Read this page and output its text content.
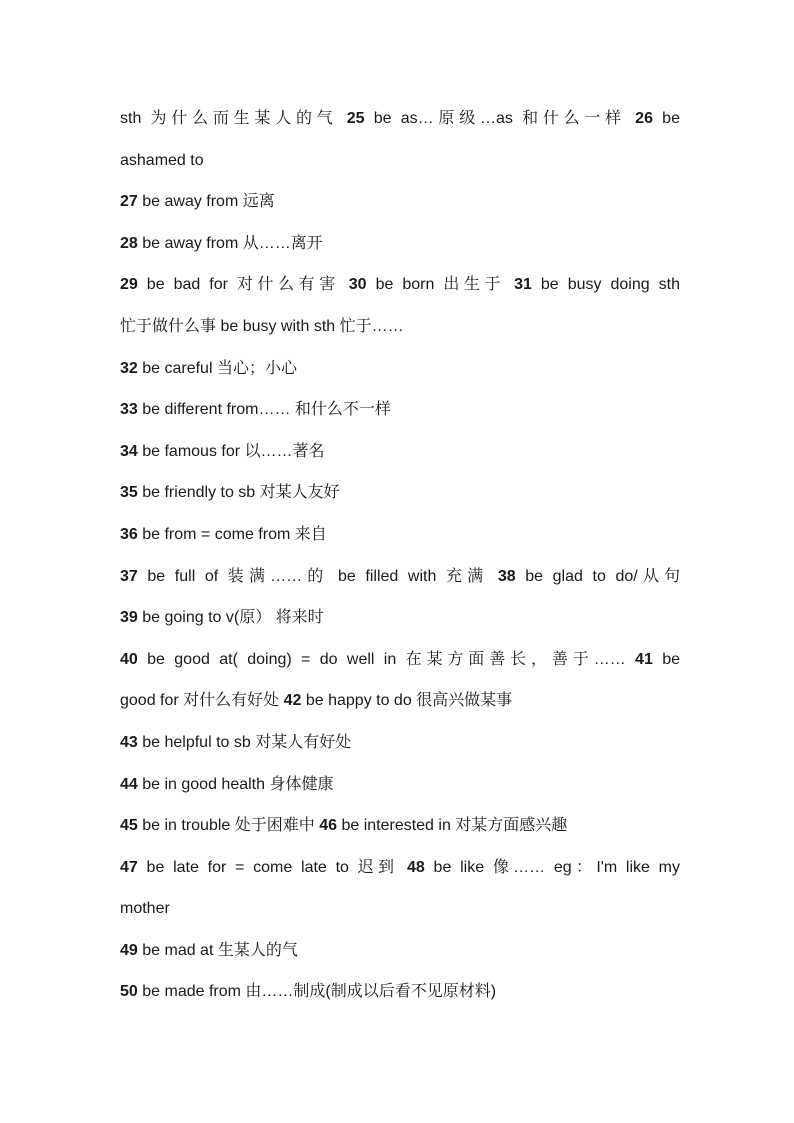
sth 为什么而生某人的气 25 be as…原级…as 和什么一样 26 be
ashamed to
27 be away from 远离
28 be away from 从……离开
29 be bad for 对什么有害 30 be born 出生于 31 be busy doing sth
忙于做什么事 be busy with sth 忙于……
32 be careful 当心；小心
33 be different from…… 和什么不一样
34 be famous for 以……著名
35 be friendly to sb 对某人友好
36 be from = come from 来自
37 be full of 装满……的 be filled with 充满 38 be glad to do/从句
39 be going to v(原） 将来时
40 be good at( doing) = do well in 在某方面善长，善于…… 41 be
good for 对什么有好处 42 be happy to do 很高兴做某事
43 be helpful to sb 对某人有好处
44 be in good health 身体健康
45 be in trouble 处于困难中 46 be interested in 对某方面感兴趣
47 be late for = come late to 迟到 48 be like 像…… eg：I'm like my
mother
49 be mad at 生某人的气
50 be made from 由……制成(制成以后看不见原材料)
